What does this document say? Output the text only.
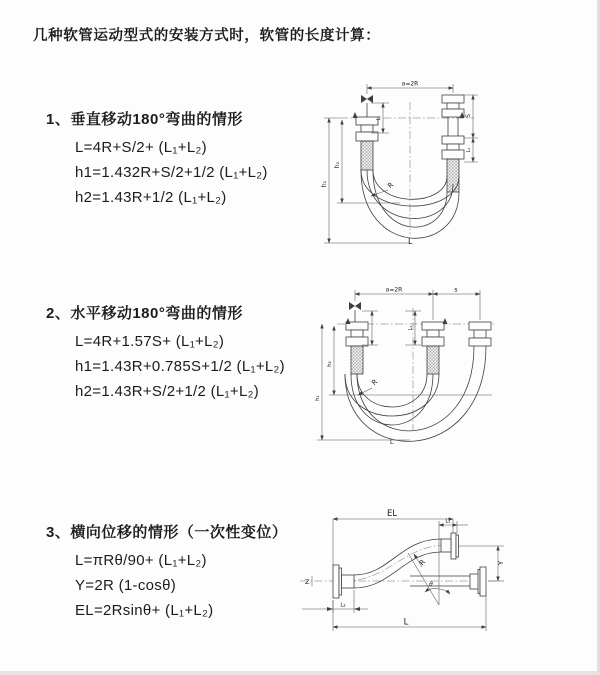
几种软管运动型式的安装方式时，软管的长度计算：
1、垂直移动180°弯曲的情形
L=4R+S/2+ (L₁+L₂)
h1=1.432R+S/2+1/2 (L₁+L₂)
h2=1.43R+1/2 (L₁+L₂)
2、水平移动180°弯曲的情形
L=4R+1.57S+ (L₁+L₂)
h1=1.43R+0.785S+1/2 (L₁+L₂)
h2=1.43R+S/2+1/2 (L₁+L₂)
3、横向位移的情形（一次性变位）
L=πRθ/90+ (L₁+L₂)
Y=2R (1-cosθ)
EL=2Rsinθ+ (L₁+L₂)
a=2R
h₁
h₂
L₁	S
L₁
R
L
a=2R	s
h₁
h₂
L₁
R
L
EL
L₁
Y
R
θ
L₂
L
Z
